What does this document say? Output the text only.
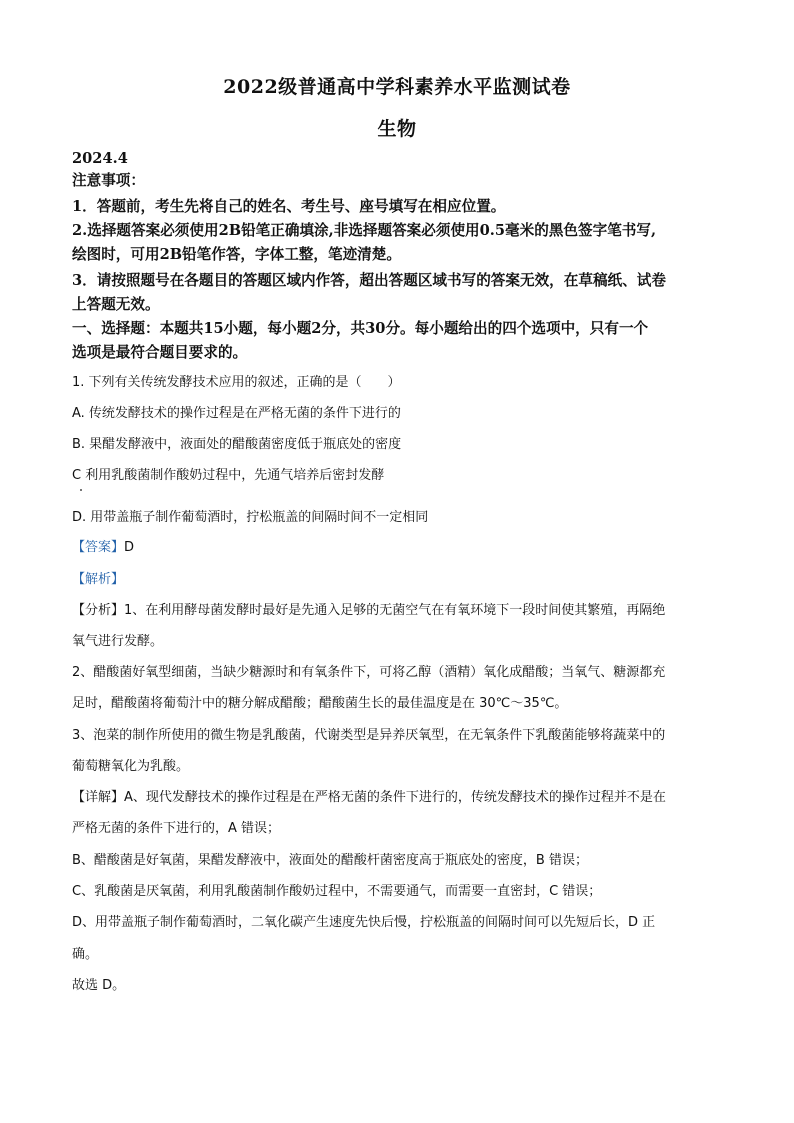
2022级普通高中学科素养水平监测试卷
生物
2024.4
注意事项：
1．答题前，考生先将自己的姓名、考生号、座号填写在相应位置。
2.选择题答案必须使用2B铅笔正确填涂,非选择题答案必须使用0.5毫米的黑色签字笔书写,
绘图时，可用2B铅笔作答，字体工整，笔迹清楚。
3．请按照题号在各题目的答题区域内作答，超出答题区域书写的答案无效，在草稿纸、试卷
上答题无效。
一、选择题：本题共15小题，每小题2分，共30分。每小题给出的四个选项中，只有一个
选项是最符合题目要求的。
1. 下列有关传统发酵技术应用的叙述，正确的是（　　）
A. 传统发酵技术的操作过程是在严格无菌的条件下进行的
B. 果醋发酵液中，液面处的醋酸菌密度低于瓶底处的密度
C 利用乳酸菌制作酸奶过程中，先通气培养后密封发酵
D. 用带盖瓶子制作葡萄酒时，拧松瓶盖的间隔时间不一定相同
【答案】D
【解析】
【分析】1、在利用酵母菌发酵时最好是先通入足够的无菌空气在有氧环境下一段时间使其繁殖，再隔绝
氧气进行发酵。
2、醋酸菌好氧型细菌，当缺少糖源时和有氧条件下，可将乙醇（酒精）氧化成醋酸；当氧气、糖源都充
足时，醋酸菌将葡萄汁中的糖分解成醋酸；醋酸菌生长的最佳温度是在 30℃～35℃。
3、泡菜的制作所使用的微生物是乳酸菌，代谢类型是异养厌氧型，在无氧条件下乳酸菌能够将蔬菜中的
葡萄糖氧化为乳酸。
【详解】A、现代发酵技术的操作过程是在严格无菌的条件下进行的，传统发酵技术的操作过程并不是在
严格无菌的条件下进行的，A 错误；
B、醋酸菌是好氧菌，果醋发酵液中，液面处的醋酸杆菌密度高于瓶底处的密度，B 错误；
C、乳酸菌是厌氧菌，利用乳酸菌制作酸奶过程中，不需要通气，而需要一直密封，C 错误；
D、用带盖瓶子制作葡萄酒时，二氧化碳产生速度先快后慢，拧松瓶盖的间隔时间可以先短后长，D 正
确。
故选 D。
